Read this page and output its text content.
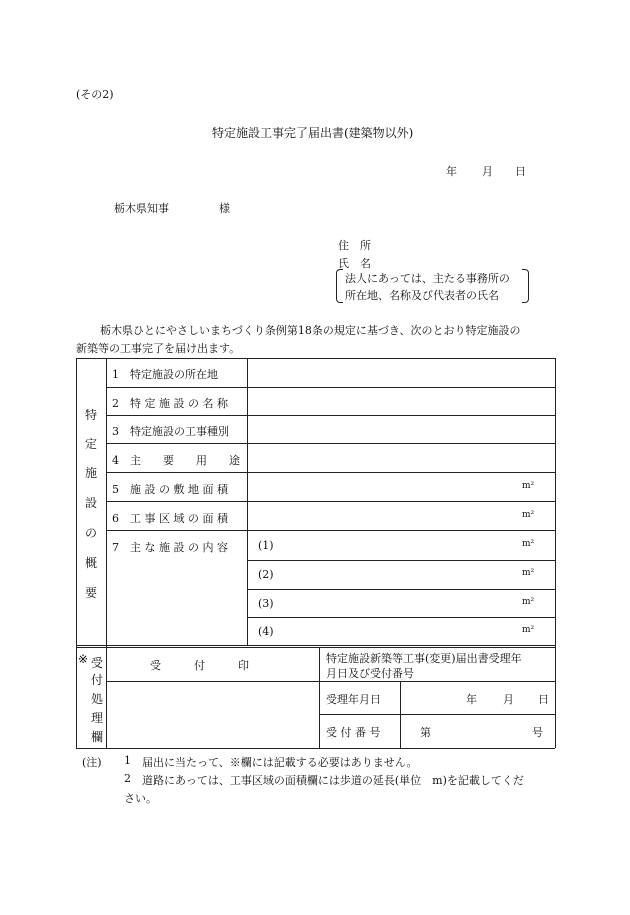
(その2)
特定施設工事完了届出書(建築物以外)
年 月 日
栃木県知事	様
住　所
氏　名
法人にあっては、主たる事務所の
所在地、名称及び代表者の氏名
栃木県ひとにやさしいまちづくり条例第18条の規定に基づき、次のとおり特定施設の
新築等の工事完了を届け出ます。
特
定
施
設
の
概
要
1　特定施設の所在地
2　特 定 施 設 の 名 称
3　特定施設の工事種別
4　主　　要　　用　　途
5　施 設 の 敷 地 面 積	m²
6　工 事 区 域 の 面 積	m²
7　主 な 施 設 の 内 容	(1)	m²
(2)	m²
(3)	m²
(4)	m²
※ 受
付
処
理
欄
受　　　付　　　印
特定施設新築等工事(変更)届出書受理年
月日及び受付番号
受理年月日	年 月 日
受 付 番 号	第	号
(注) 1 届出に当たって、※欄には記載する必要はありません。
2 道路にあっては、工事区域の面積欄には歩道の延長(単位　m)を記載してくだ
さい。
